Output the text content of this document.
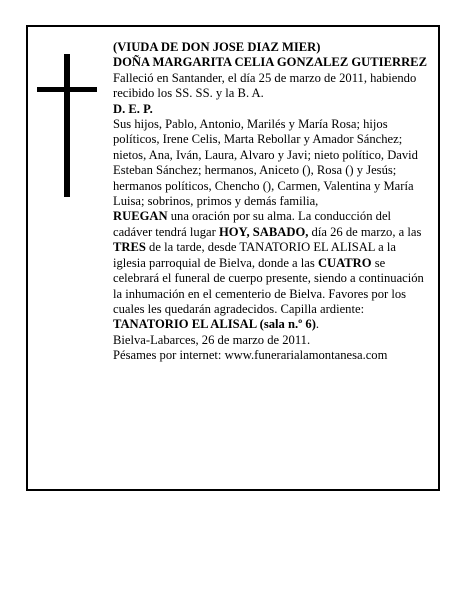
(VIUDA DE DON JOSE DIAZ MIER)

DOÑA MARGARITA CELIA GONZALEZ GUTIERREZ

Falleció en Santander, el día 25 de marzo de 2011, habiendo recibido los SS. SS. y la B. A.

D. E. P.

Sus hijos, Pablo, Antonio, Marilés y María Rosa; hijos políticos, Irene Celis, Marta Rebollar y Amador Sánchez; nietos, Ana, Iván, Laura, Alvaro y Javi; nieto político, David Esteban Sánchez; hermanos, Aniceto (), Rosa () y Jesús; hermanos políticos, Chencho (), Carmen, Valentina y María Luisa; sobrinos, primos y demás familia,

RUEGAN una oración por su alma. La conducción del cadáver tendrá lugar HOY, SABADO, día 26 de marzo, a las TRES de la tarde, desde TANATORIO EL ALISAL a la iglesia parroquial de Bielva, donde a las CUATRO se celebrará el funeral de cuerpo presente, siendo a continuación la inhumación en el cementerio de Bielva. Favores por los cuales les quedarán agradecidos. Capilla ardiente: TANATORIO EL ALISAL (sala n.º 6).

Bielva-Labarces, 26 de marzo de 2011.

Pésames por internet: www.funerarialamontanesa.com
